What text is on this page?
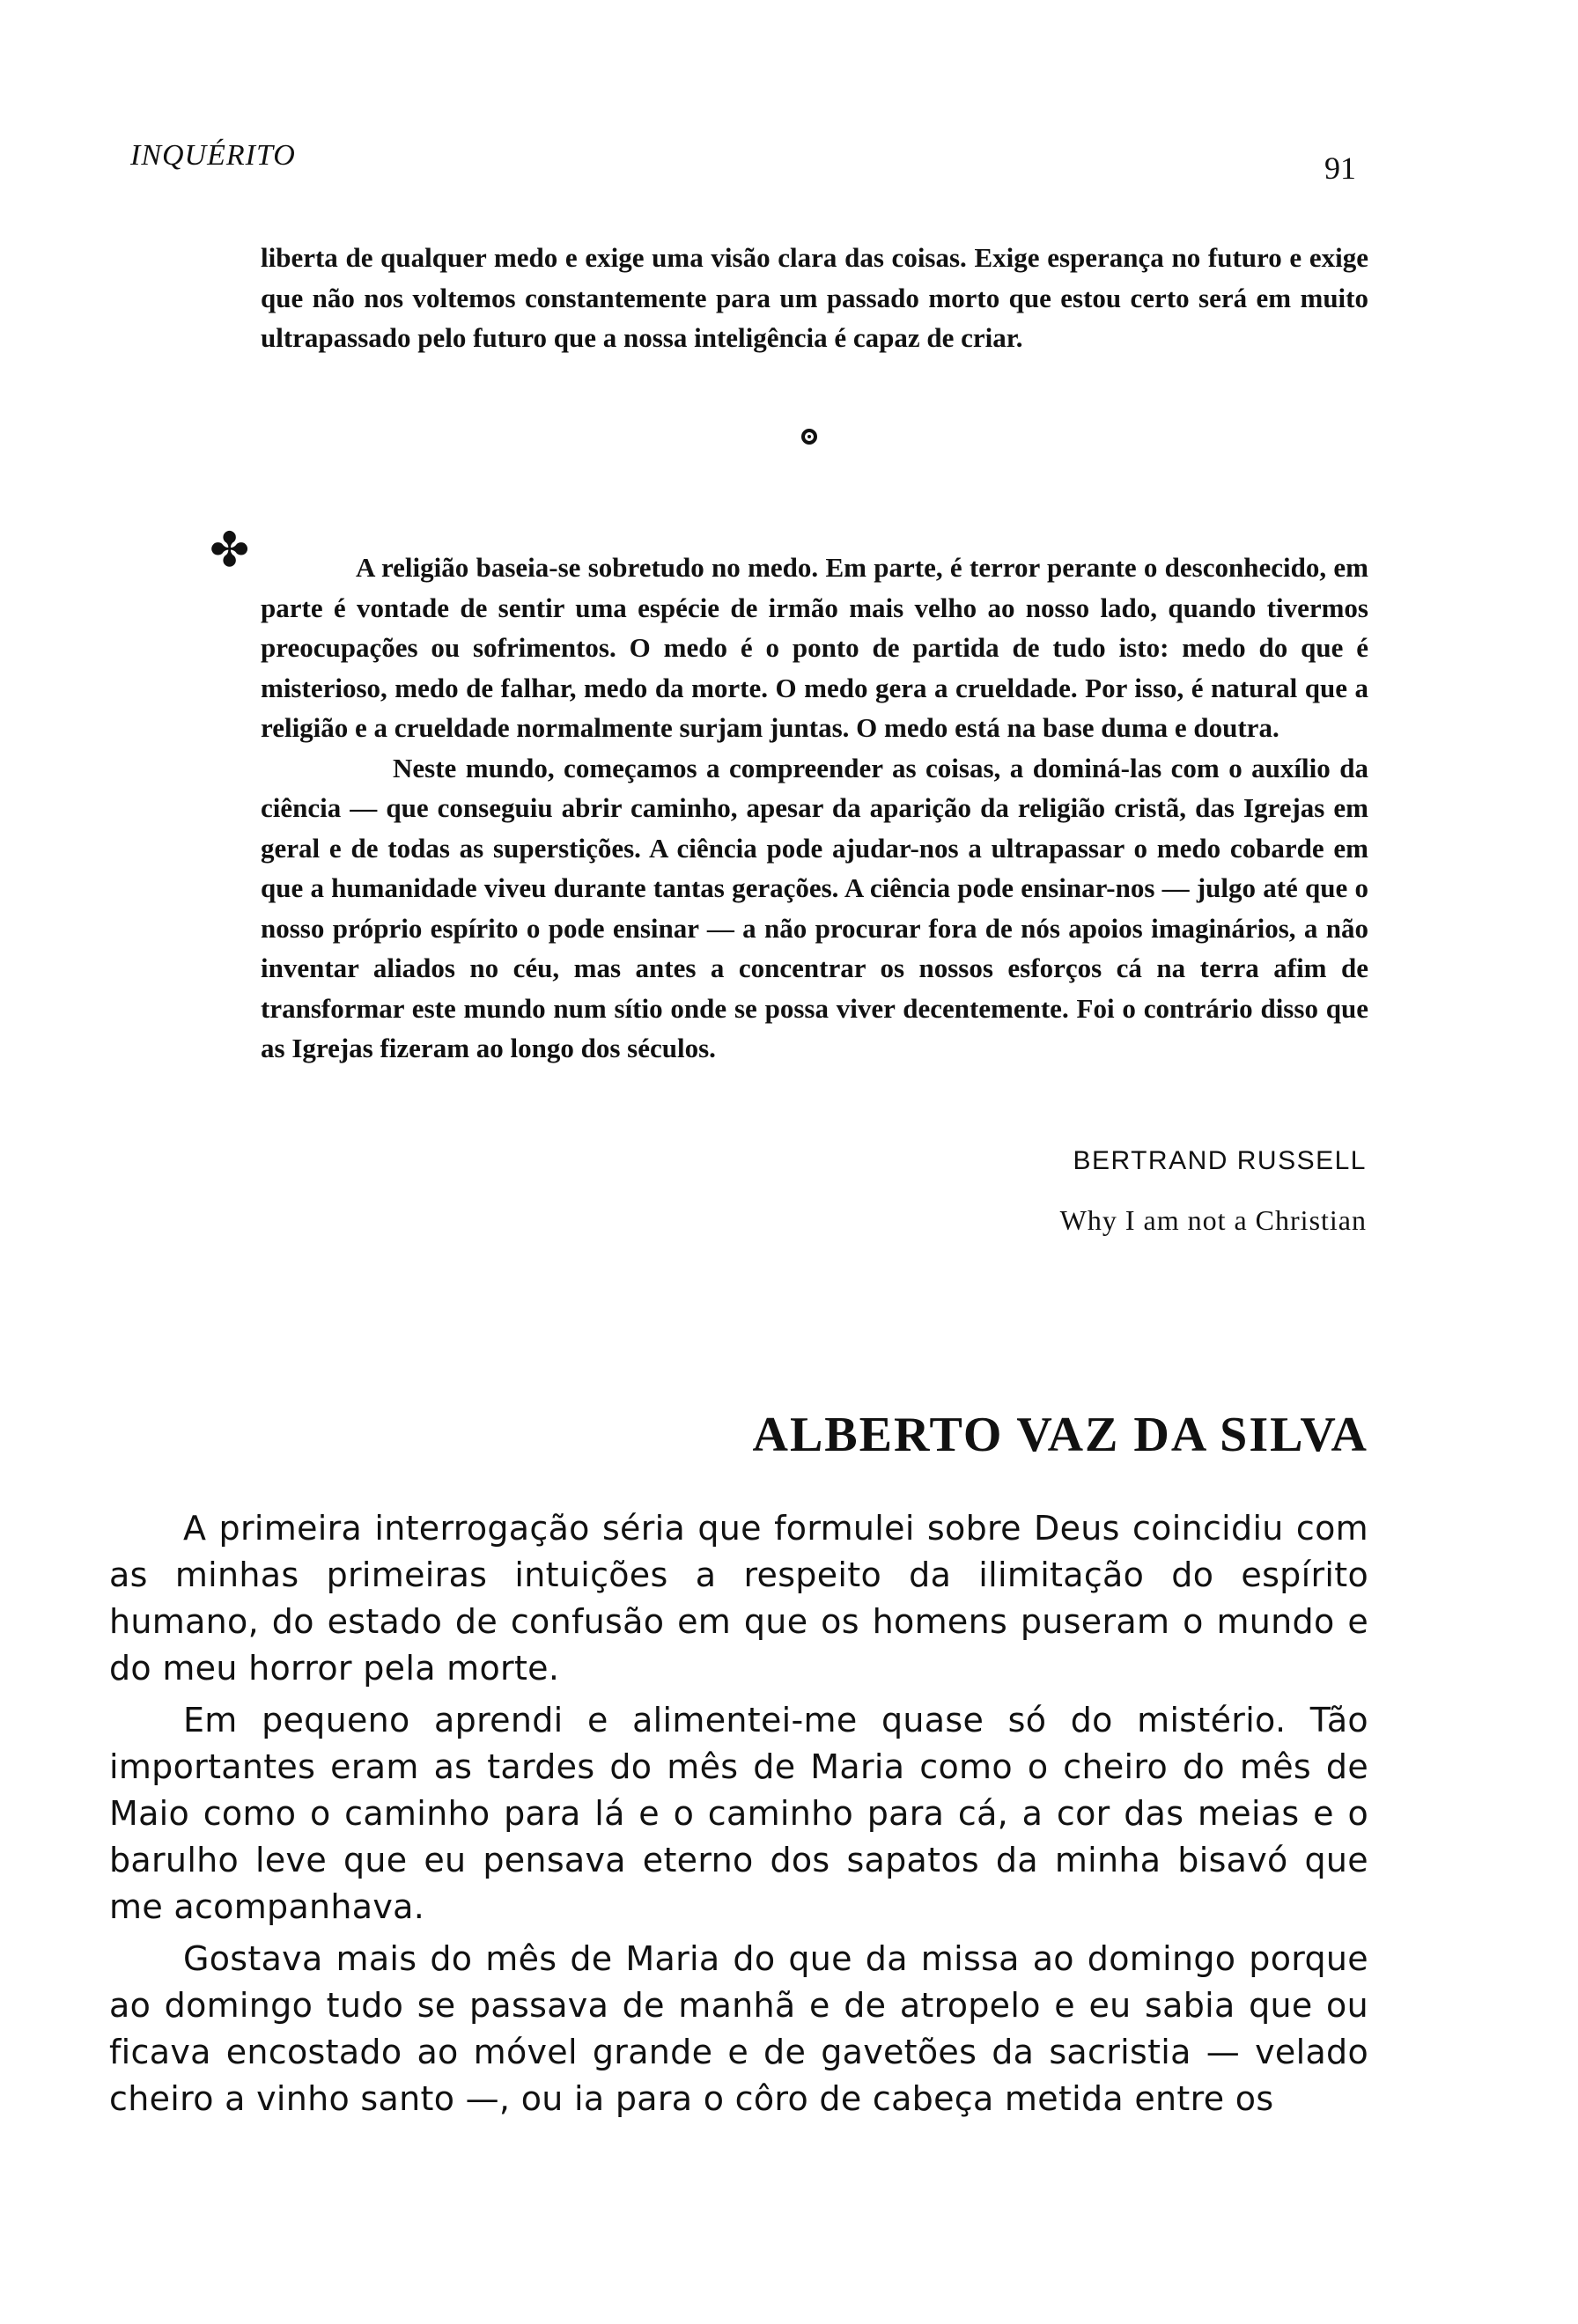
INQUÉRITO	91

liberta de qualquer medo e exige uma visão clara das coisas. Exige esperança no futuro e exige que não nos voltemos constantemente para um passado morto que estou certo será em muito ultrapassado pelo futuro que a nossa inteligência é capaz de criar.

✤	A religião baseia-se sobretudo no medo. Em parte, é terror perante o desconhecido, em parte é vontade de sentir uma espécie de irmão mais velho ao nosso lado, quando tivermos preocupações ou sofrimentos. O medo é o ponto de partida de tudo isto: medo do que é misterioso, medo de falhar, medo da morte. O medo gera a crueldade. Por isso, é natural que a religião e a crueldade normalmente surjam juntas. O medo está na base duma e doutra.

Neste mundo, começamos a compreender as coisas, a dominá-las com o auxílio da ciência — que conseguiu abrir caminho, apesar da aparição da religião cristã, das Igrejas em geral e de todas as superstições. A ciência pode ajudar-nos a ultrapassar o medo cobarde em que a humanidade viveu durante tantas gerações. A ciência pode ensinar-nos — julgo até que o nosso próprio espírito o pode ensinar — a não procurar fora de nós apoios imaginários, a não inventar aliados no céu, mas antes a concentrar os nossos esforços cá na terra afim de transformar este mundo num sítio onde se possa viver decentemente. Foi o contrário disso que as Igrejas fizeram ao longo dos séculos.

BERTRAND RUSSELL
Why I am not a Christian
ALBERTO VAZ DA SILVA

A primeira interrogação séria que formulei sobre Deus coincidiu com as minhas primeiras intuições a respeito da ilimitação do espírito humano, do estado de confusão em que os homens puseram o mundo e do meu horror pela morte.

Em pequeno aprendi e alimentei-me quase só do mistério. Tão importantes eram as tardes do mês de Maria como o cheiro do mês de Maio como o caminho para lá e o caminho para cá, a cor das meias e o barulho leve que eu pensava eterno dos sapatos da minha bisavó que me acompanhava.

Gostava mais do mês de Maria do que da missa ao domingo porque ao domingo tudo se passava de manhã e de atropelo e eu sabia que ou ficava encostado ao móvel grande e de gavetões da sacristia — velado cheiro a vinho santo —, ou ia para o côro de cabeça metida entre os
